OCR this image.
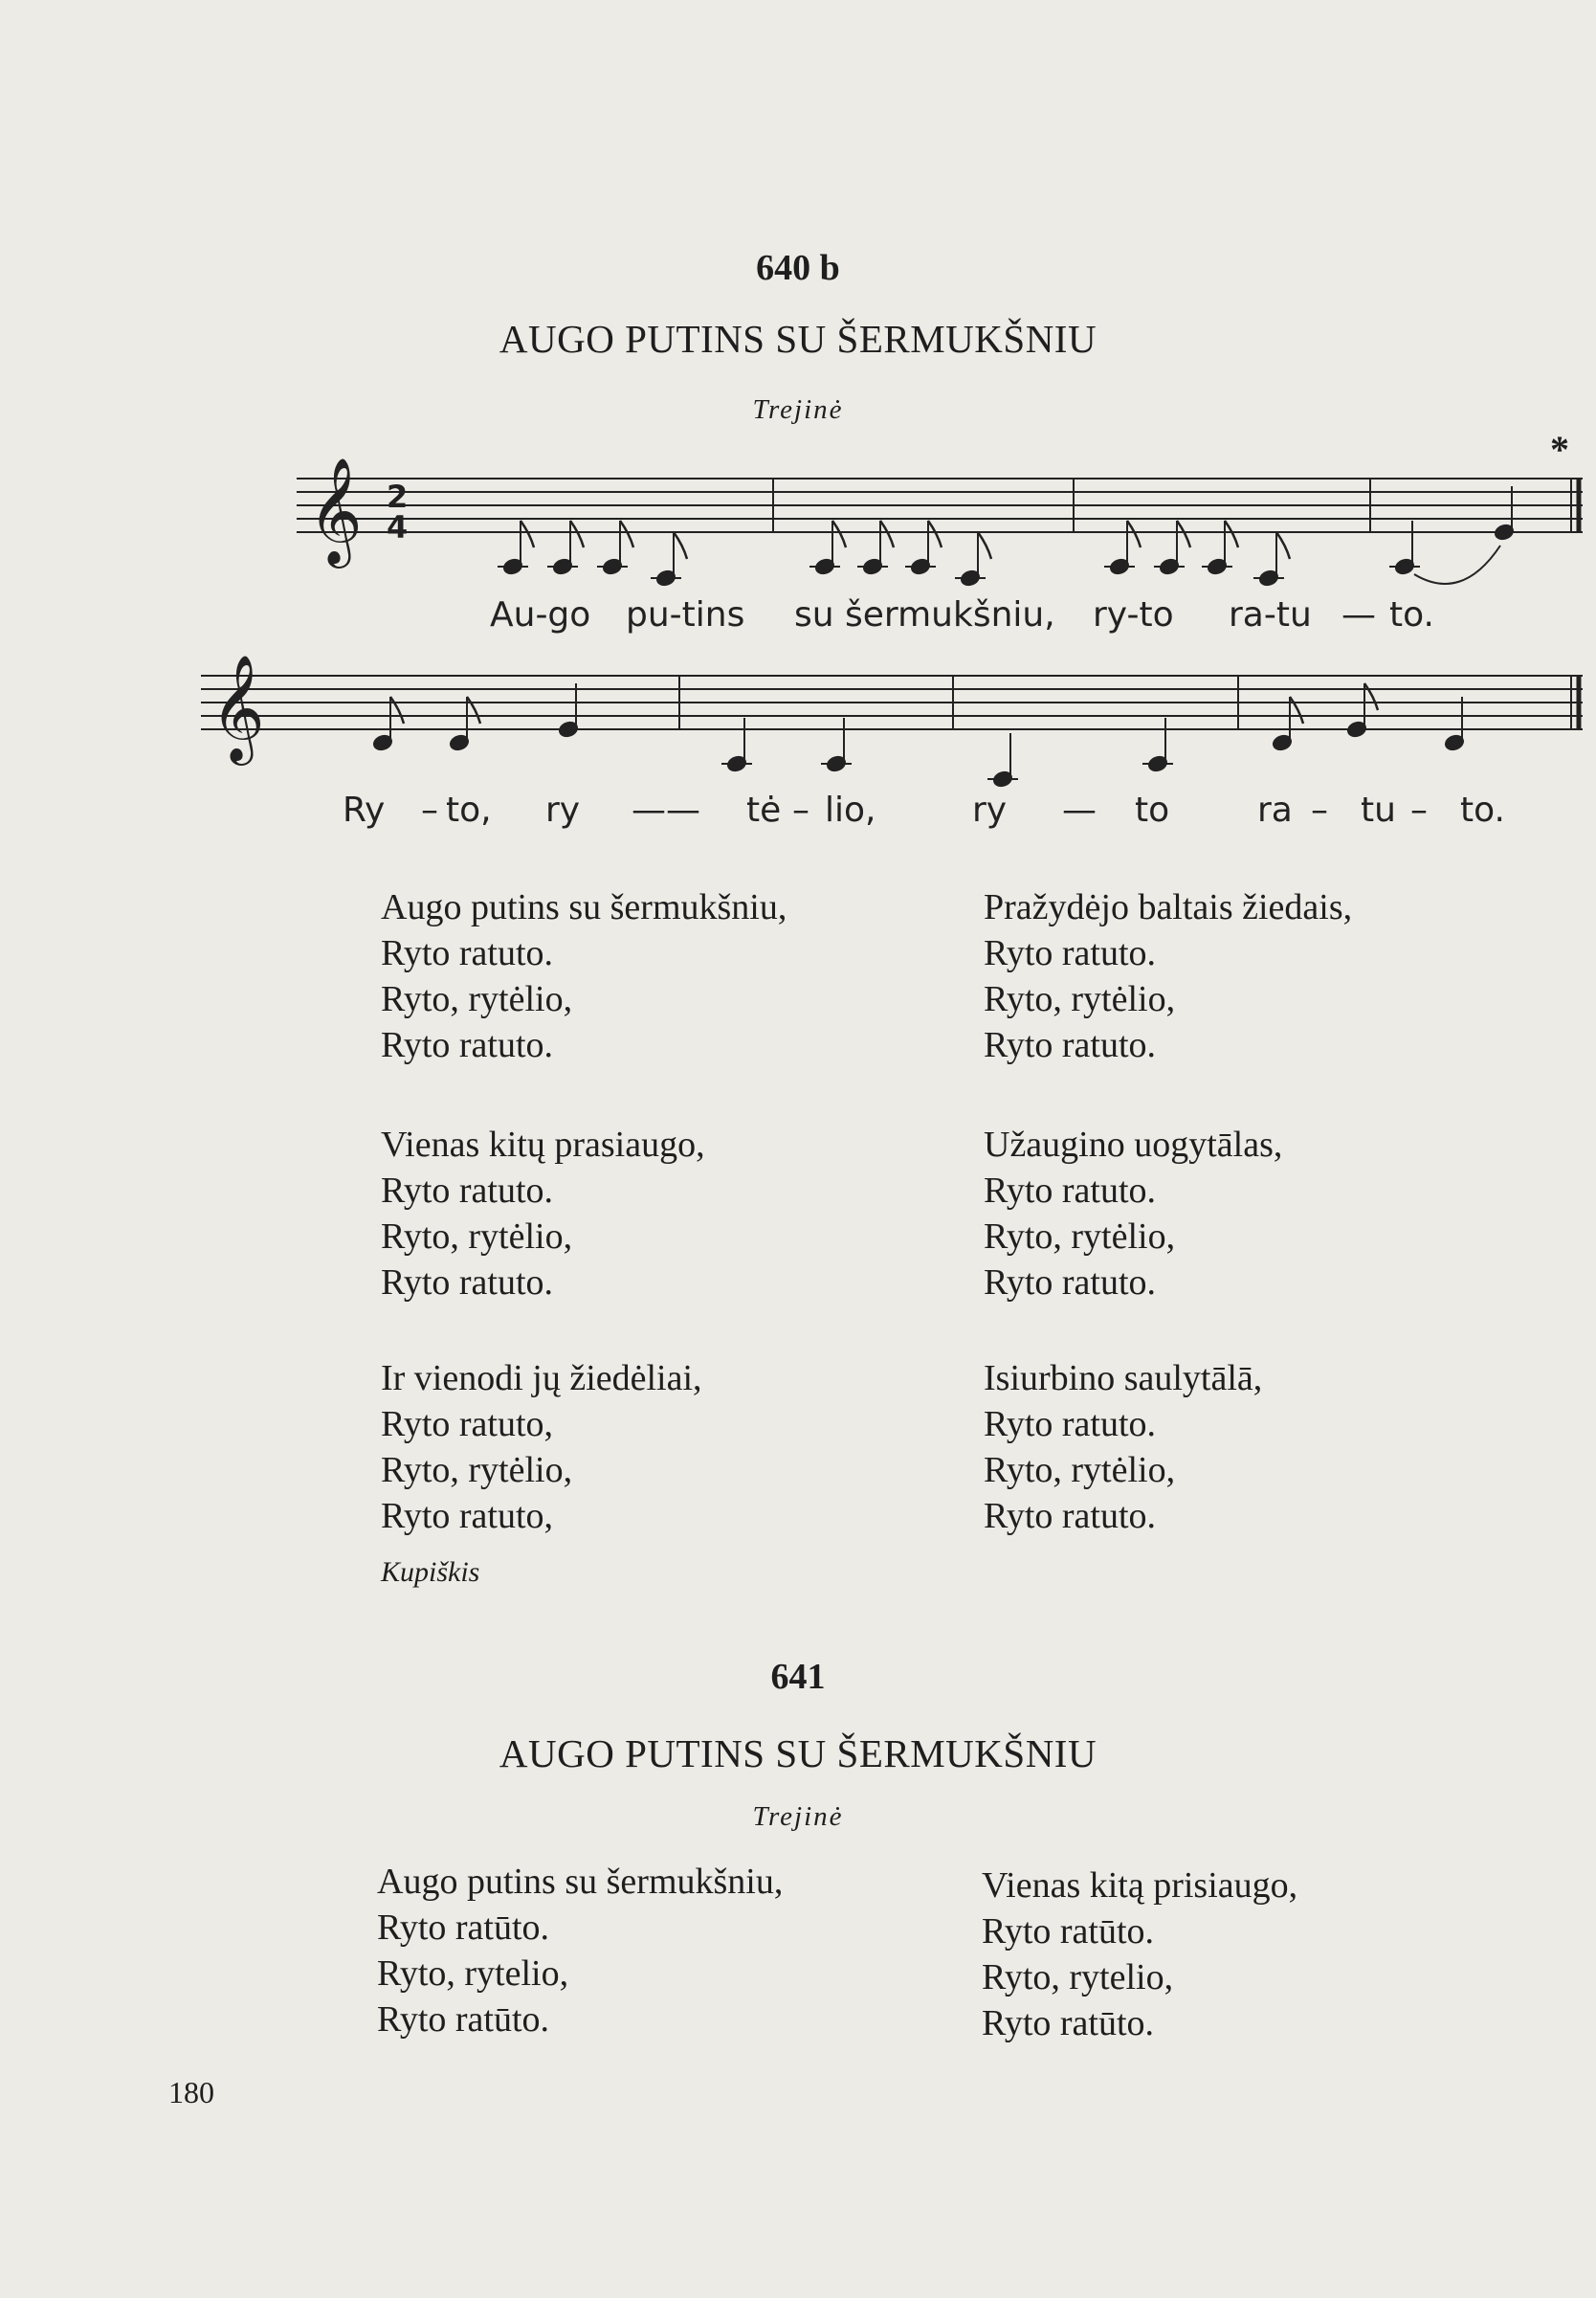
640 b
AUGO PUTINS SU ŠERMUKŠNIU
Trejinė
*
𝄞 2
4
𝄞
Au-go pu-tins su šermukšniu, ry-to ra-tu to.
—
Ry – to, ry —— tė – lio,	ry — to	ra – tu – to.
Augo putins su šermukšniu,
Ryto ratuto.
Ryto, rytėlio,
Ryto ratuto.
Pražydėjo baltais žiedais,
Ryto ratuto.
Ryto, rytėlio,
Ryto ratuto.
Vienas kitų prasiaugo,
Ryto ratuto.
Ryto, rytėlio,
Ryto ratuto.
Užaugino uogytālas,
Ryto ratuto.
Ryto, rytėlio,
Ryto ratuto.
Ir vienodi jų žiedėliai,
Ryto ratuto,
Ryto, rytėlio,
Ryto ratuto,
Isiurbino saulytālā,
Ryto ratuto.
Ryto, rytėlio,
Ryto ratuto.
Kupiškis
641
AUGO PUTINS SU ŠERMUKŠNIU
Trejinė
Augo putins su šermukšniu,
Ryto ratūto.
Ryto, rytelio,
Ryto ratūto.
Vienas kitą prisiaugo,
Ryto ratūto.
Ryto, rytelio,
Ryto ratūto.
180
